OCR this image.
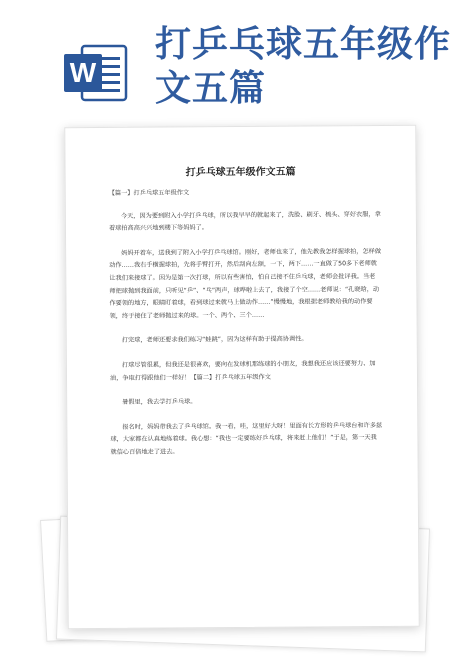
W
打乒乓球五年级作
文五篇
打乒乓球五年级作文五篇

【篇一】打乒乓球五年级作文

今天，因为要到附入小学打乒乓球，所以我早早的就起来了，洗脸、刷牙、梳头、穿好衣服，拿着球拍高高兴兴地到楼下等妈妈了。

妈妈开着车，送我到了附入小学打乒乓球馆。刚好，老师也来了，他先教我怎样握球拍，怎样做动作……我右手横握球拍，先将手臂打开，然后刮向左额，一下，两下……一直做了50多下老师就让我们来接球了。因为是第一次打球，所以有些害怕，怕自己接不住乒乓球，老师会批评我。当老师把球抛到我面前，只听见“乒”、“乓”两声，球哗啦上去了，我接了个空……老师说：“孔晓晗，动作要领的地方，眼睛盯着球，看到球过来就马上做动作……”慢慢地，我根据老师教给我的动作要领，终于接住了老师抛过来的球。一个、两个、三个……

打完球，老师还要求我们练习“蛙跳”，因为这样有助于提高协调性。

打球尽管很累，但我还是很喜欢，要向在发球机那练球的小朋友，我想我还应该还要努力、加油，争取打得跟他们一样好！【篇二】打乒乓球五年级作文

暑假里，我去学打乒乓球。

报名时，妈妈带我去了乒乓球馆。我一看，哇，这里好大呀！里面有长方形的乒乓球台和许多兹球，大家都在认真地练着球。我心想：“我也一定要练好乒乓球，将来赶上他们！”于是，第一天我就信心百倍地走了进去。
